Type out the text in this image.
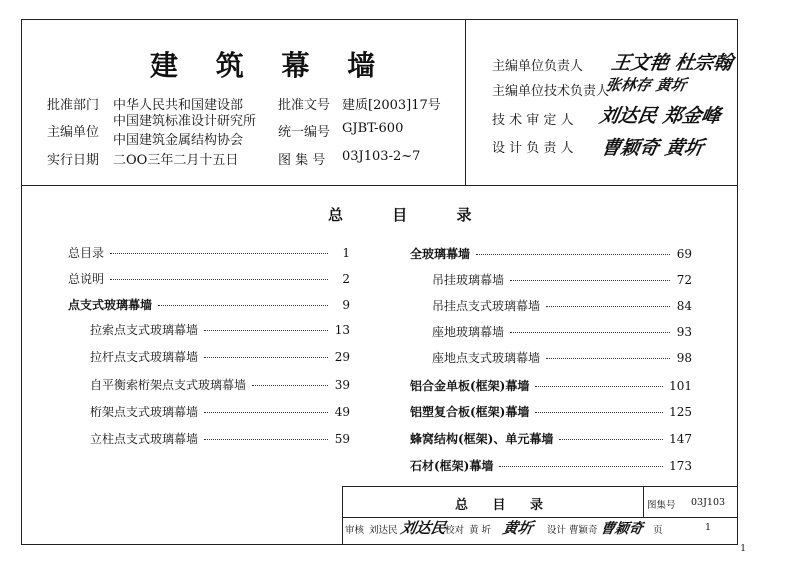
建 筑 幕 墙
批准部门 中华人民共和国建设部
主编单位
中国建筑标准设计研究所
中国建筑金属结构协会
实行日期 二OO三年二月十五日
批准文号 建质[2003]17号
统一编号 GJBT-600
图 集 号 03J103-2~7
主编单位负责人 王文艳 杜宗翰
主编单位技术负责人
张林存 黄圻
技 术 审 定 人 刘达民 郑金峰
设 计 负 责 人 曹颖奇 黄圻
总 目 录
总目录	1
总说明	2
点支式玻璃幕墙	9
拉索点支式玻璃幕墙	13
拉杆点支式玻璃幕墙	29
自平衡索桁架点支式玻璃幕墙	39
桁架点支式玻璃幕墙	49
立柱点支式玻璃幕墙	59
全玻璃幕墙	69
吊挂玻璃幕墙	72
吊挂点支式玻璃幕墙	84
座地玻璃幕墙	93
座地点支式玻璃幕墙	98
铝合金单板(框架)幕墙	101
铝塑复合板(框架)幕墙	125
蜂窝结构(框架)、单元幕墙	147
石材(框架)幕墙	173
总 目 录	图集号 03J103
审核 刘达民 刘达民
校对 黄 圻 黄圻 设计 曹颖奇 曹颖奇 页	1
1
